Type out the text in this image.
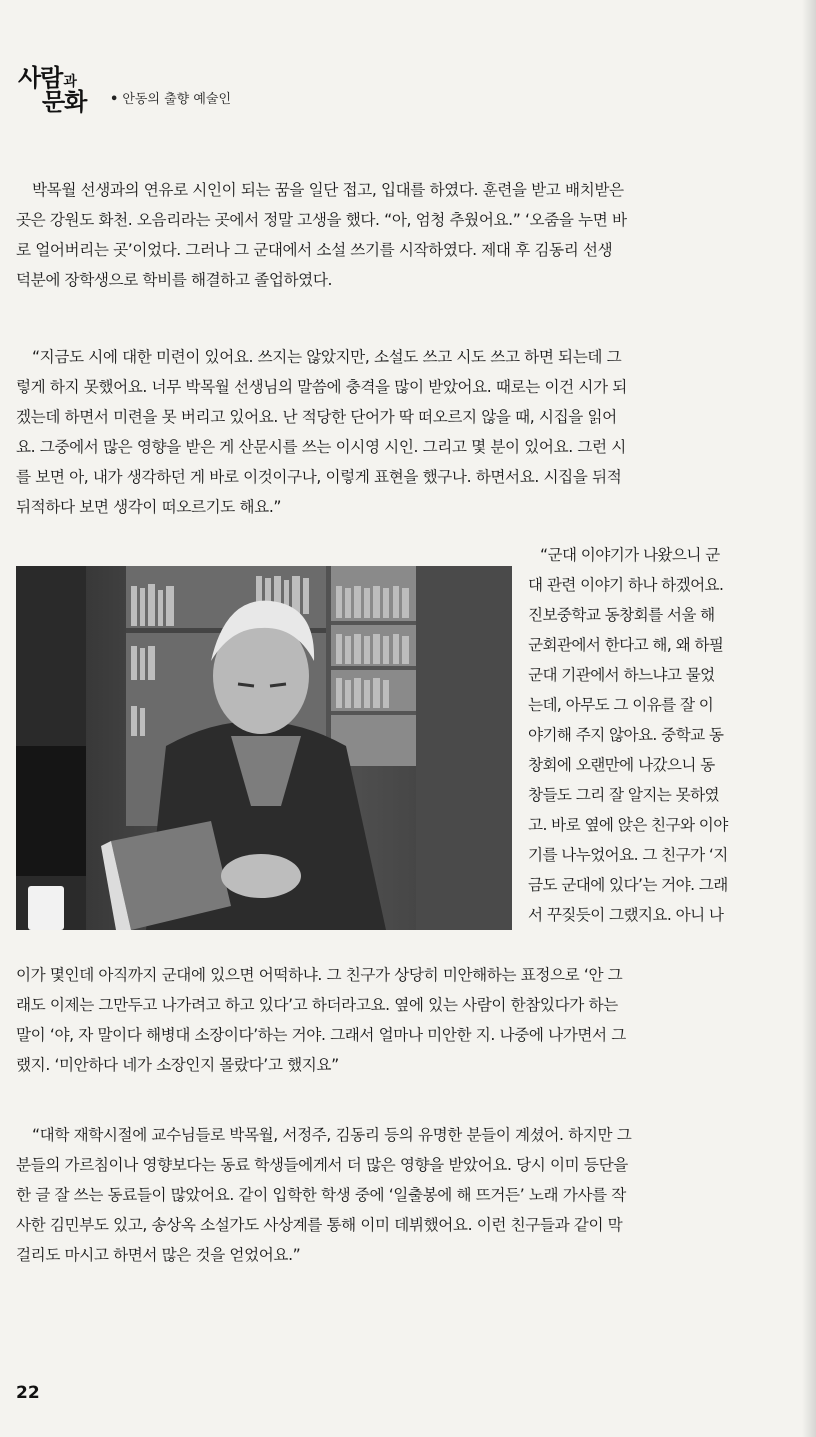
사람과
문화 • 안동의 출향 예술인
박목월 선생과의 연유로 시인이 되는 꿈을 일단 접고, 입대를 하였다. 훈련을 받고 배치받은
곳은 강원도 화천. 오음리라는 곳에서 정말 고생을 했다. “아, 엄청 추웠어요.” ‘오줌을 누면 바
로 얼어버리는 곳’이었다. 그러나 그 군대에서 소설 쓰기를 시작하였다. 제대 후 김동리 선생
덕분에 장학생으로 학비를 해결하고 졸업하였다.
“지금도 시에 대한 미련이 있어요. 쓰지는 않았지만, 소설도 쓰고 시도 쓰고 하면 되는데 그
렇게 하지 못했어요. 너무 박목월 선생님의 말씀에 충격을 많이 받았어요. 때로는 이건 시가 되
겠는데 하면서 미련을 못 버리고 있어요. 난 적당한 단어가 딱 떠오르지 않을 때, 시집을 읽어
요. 그중에서 많은 영향을 받은 게 산문시를 쓰는 이시영 시인. 그리고 몇 분이 있어요. 그런 시
를 보면 아, 내가 생각하던 게 바로 이것이구나, 이렇게 표현을 했구나. 하면서요. 시집을 뒤적
뒤적하다 보면 생각이 떠오르기도 해요.”
“군대 이야기가 나왔으니 군
대 관련 이야기 하나 하겠어요.
진보중학교 동창회를 서울 해
군회관에서 한다고 해, 왜 하필
군대 기관에서 하느냐고 물었
는데, 아무도 그 이유를 잘 이
야기해 주지 않아요. 중학교 동
창회에 오랜만에 나갔으니 동
창들도 그리 잘 알지는 못하였
고. 바로 옆에 앉은 친구와 이야
기를 나누었어요. 그 친구가 ‘지
금도 군대에 있다’는 거야. 그래
서 꾸짖듯이 그랬지요. 아니 나
이가 몇인데 아직까지 군대에 있으면 어떡하냐. 그 친구가 상당히 미안해하는 표정으로 ‘안 그
래도 이제는 그만두고 나가려고 하고 있다’고 하더라고요. 옆에 있는 사람이 한참있다가 하는
말이 ‘야, 자 말이다 해병대 소장이다’하는 거야. 그래서 얼마나 미안한 지. 나중에 나가면서 그
랬지. ‘미안하다 네가 소장인지 몰랐다’고 했지요”
“대학 재학시절에 교수님들로 박목월, 서정주, 김동리 등의 유명한 분들이 계셨어. 하지만 그
분들의 가르침이나 영향보다는 동료 학생들에게서 더 많은 영향을 받았어요. 당시 이미 등단을
한 글 잘 쓰는 동료들이 많았어요. 같이 입학한 학생 중에 ‘일출봉에 해 뜨거든’ 노래 가사를 작
사한 김민부도 있고, 송상옥 소설가도 사상계를 통해 이미 데뷔했어요. 이런 친구들과 같이 막
걸리도 마시고 하면서 많은 것을 얻었어요.”
22
